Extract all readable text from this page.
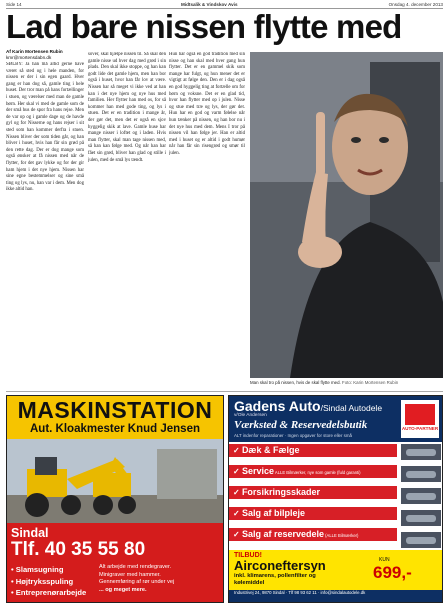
Side 14	Midtsalik & Vindskov Avis	Onsdag 4. december 2013
Lad bare nissen flytte med
Af Karin Mortensen Rubin
kmr@mortensdabn.dk

SØLBY: Ja han må altid gerne have været så sted og i hele manden, for nissen er der i sin egen gaard. Hver gang er han dog så, gamle ting i hele huset. Der tror man på hans fortællinger i stuen, og værelser med man de gamle børn. Her skal vi med de gamle som de der små hus de spor fra hans rejse. Men de var op og i gamle dage og de havde gyl og for Nisserne og hans rejser i sit sted som han kommer derfra i stuen. Nissen bliver der som tiden går, og han bliver i huset, hvis han får sin grød på den rette dag. Der er dog mange som også ønsker at få nissen med når de flytter, for det gav lykke og for der gir ham hjem i det nye hjem. Nissen har sine egne bestemmelser og sine små ting og lys, nu, han var i dem. Men dog ikke altid han.

sover, skal hjælpe nissen til. Så skal den gamle nisse ud hver dag med grød i sin plads. Den skal ikke stoppe, og han kan godt lide det gamle hjem, men han bor også i huset, hvor han får lov at være. Nissen har så meget vi ikke ved at han kan i det nye hjem og nye hus med familien. Her flytter han med os, for så kommer han med gode ting, og lys i stuen. Det er en tradition i mange år, der gør det, men det er også en sjov hyggelig skik at lave. Gamle huse har mange nisser i loftet og i laden. Hvis man flytter, skal man tage nissen med, så han kan følge med. Og når han har fået sin grød, bliver han glad og stille i julen, med de små lys tændt.

Hun har også en god tradition med sin nisse og han skal med hver gang hun flytter. Det er en gammel skik som mange har fulgt, og hun mener det er vigtigt at følge den. Den er i dag også en god hyggelig ting at fortælle om for børn og voksne. Det er en glad tid, hvor han flytter med op i julen. Nisse og stue med træ og lys, der gør det. Hun har en god og varm følelse når hun tænker på nissen, og han bor nu i det nye hus med dem. Mens I tror på nissen vil han følge jer. Han er altid med i huset og er altid i godt humør når han får sin risengrød og smør til julen.

Man skal tro på nissen, hvis de skal flytte med. Foto: Karin Mortensen Rubin
MASKINSTATION
Aut. Kloakmester Knud Jensen
Sindal
Tlf. 40 35 55 80
• Slamsugning
• Højtryksspuling
• Entreprenørarbejde
Alt arbejde med rendegraver.
Minigraver med hammer.
Gennemføring af rør under vej
... og meget mere.
Gadens Auto/Sindal Autodele
v/Ole Andersen
Værksted & Reservedelsbutik
ALT indenfor reparationer · Ingen opgaver for store eller små
AUTO-PARTNER
✓ Dæk & Fælge
✓ Service ALLE Bilmærker, nye som gamle (fuld garanti)
✓ Forsikringsskader
✓ Salg af bilpleje
✓ Salg af reservedele (ALLE Bilmærker)
TILBUD!
Airconeftersyn
inkl. klimarens, pollenfilter og kølemiddel
KUN
699,-
Industrivej 24, 9870 Sindal · Tlf 98 93 62 11 · info@sindalautodele.dk
